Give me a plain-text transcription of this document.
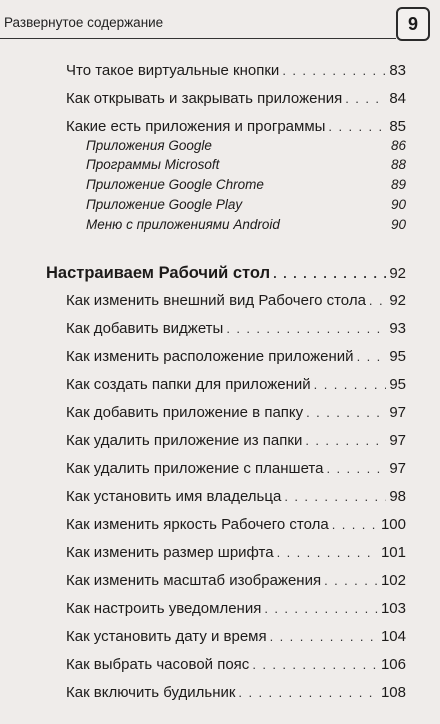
Развернутое содержание	9
Что такое виртуальные кнопки . . .	83
Как открывать и закрывать приложения . . .	84
Какие есть приложения и программы . . .	85
Приложения Google	86
Программы Microsoft	88
Приложение Google Chrome	89
Приложение Google Play	90
Меню с приложениями Android	90
Настраиваем Рабочий стол . . .	92
Как изменить внешний вид Рабочего стола . . . 92
Как добавить виджеты . . .	93
Как изменить расположение приложений . . . 95
Как создать папки для приложений . . .	95
Как добавить приложение в папку . . .	97
Как удалить приложение из папки . . .	97
Как удалить приложение с планшета . . .	97
Как установить имя владельца . . .	98
Как изменить яркость Рабочего стола . . .	100
Как изменить размер шрифта . . .	101
Как изменить масштаб изображения . . .	102
Как настроить уведомления . . .	103
Как установить дату и время . . .	104
Как выбрать часовой пояс . . .	106
Как включить будильник . . .	108
